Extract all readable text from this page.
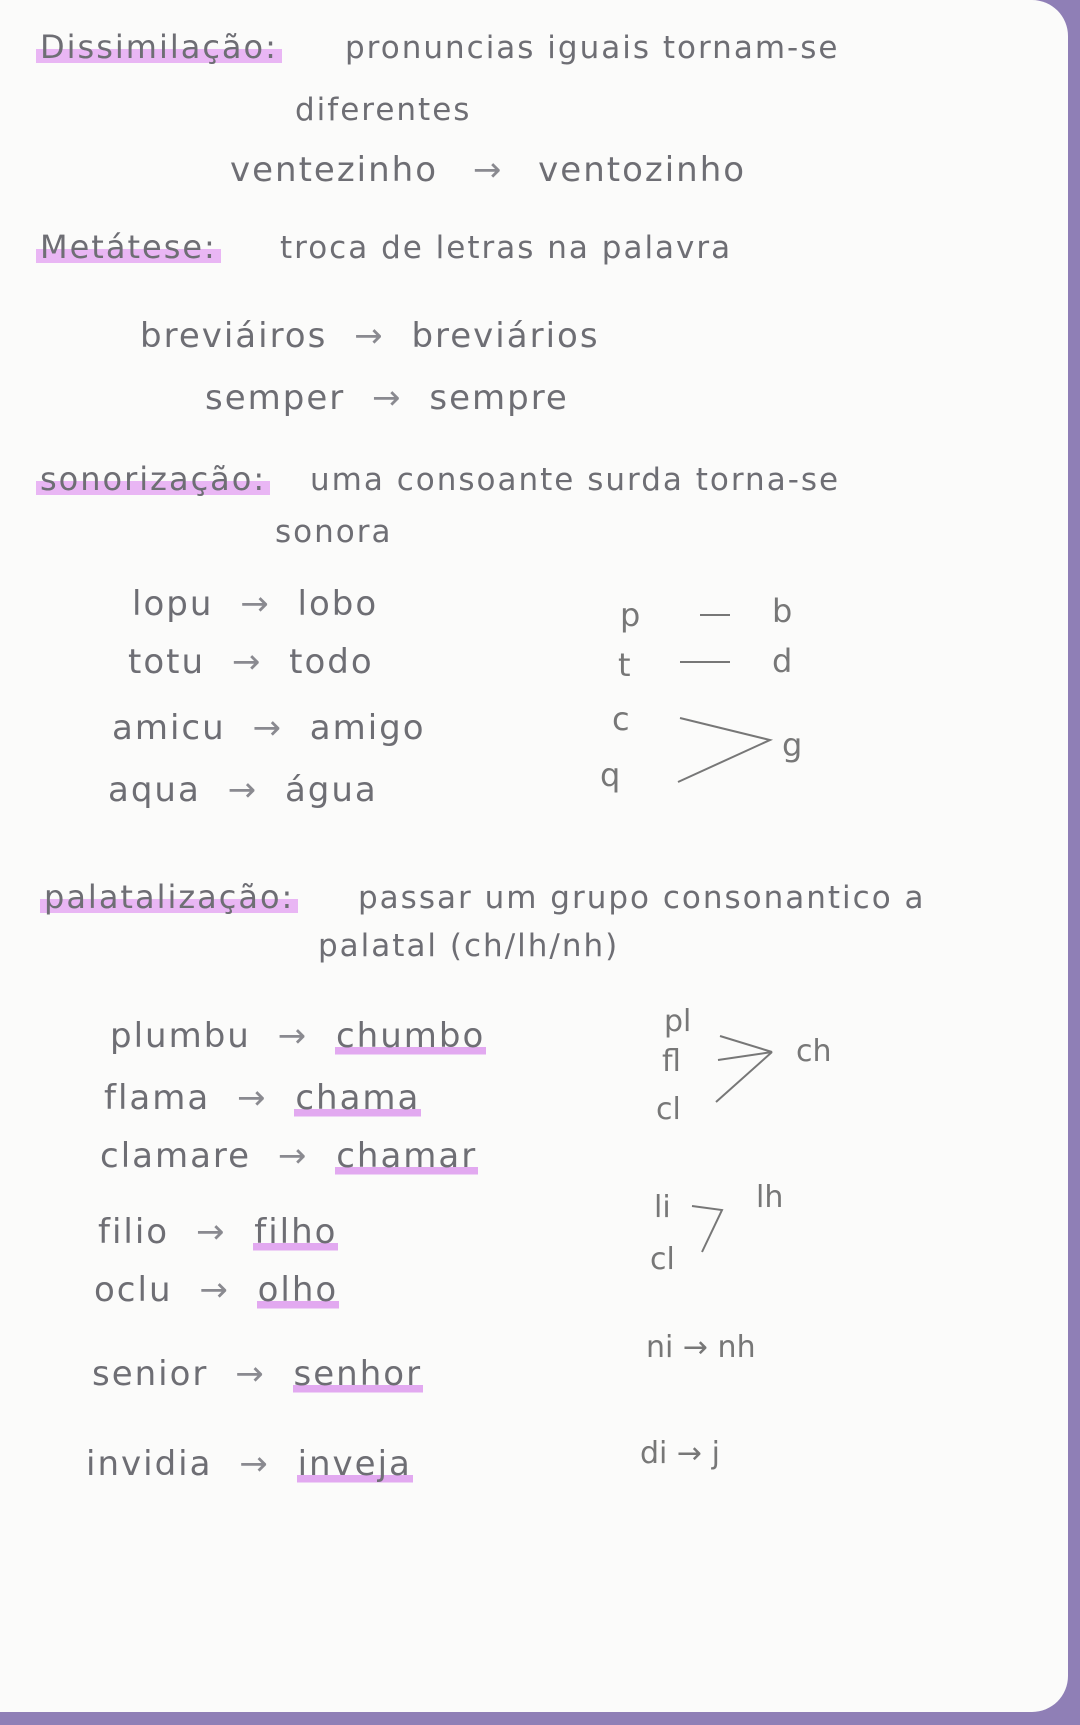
Dissimilação: pronuncias iguais tornam-se
diferentes
ventezinho → ventozinho
Metátese: troca de letras na palavra
breviáiros → breviários
semper → sempre
sonorização: uma consoante surda torna-se
sonora
lopu → lobo
totu → todo
amicu → amigo
aqua → água
p	b
t	d
c
q
g
palatalização: passar um grupo consonantico a
palatal (ch/lh/nh)
plumbu → chumbo
flama → chama
clamare → chamar
filio → filho
oclu → olho
senior → senhor
invidia → inveja
pl
fl
cl
ch
li
cl
lh
ni → nh
di → j
